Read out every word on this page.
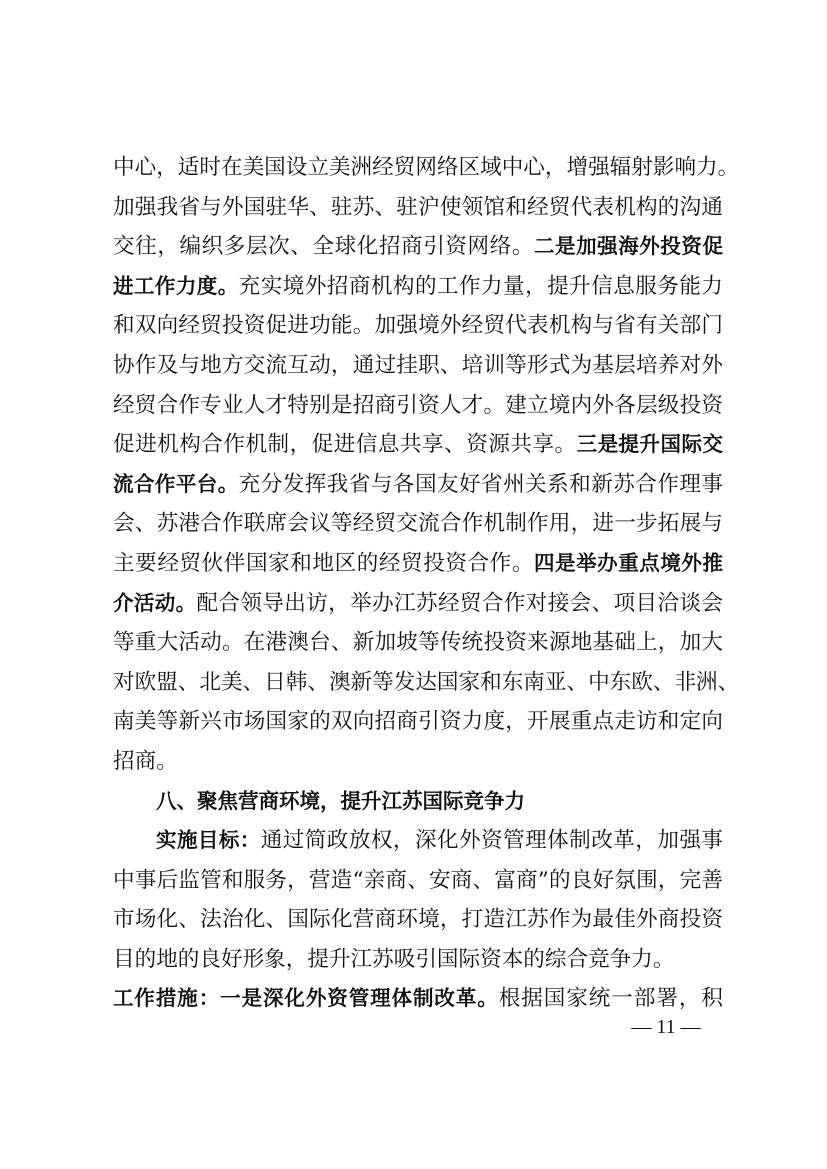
中心，适时在美国设立美洲经贸网络区域中心，增强辐射影响力。
加强我省与外国驻华、驻苏、驻沪使领馆和经贸代表机构的沟通
交往，编织多层次、全球化招商引资网络。二是加强海外投资促
进工作力度。充实境外招商机构的工作力量，提升信息服务能力
和双向经贸投资促进功能。加强境外经贸代表机构与省有关部门
协作及与地方交流互动，通过挂职、培训等形式为基层培养对外
经贸合作专业人才特别是招商引资人才。建立境内外各层级投资
促进机构合作机制，促进信息共享、资源共享。三是提升国际交
流合作平台。充分发挥我省与各国友好省州关系和新苏合作理事
会、苏港合作联席会议等经贸交流合作机制作用，进一步拓展与
主要经贸伙伴国家和地区的经贸投资合作。四是举办重点境外推
介活动。配合领导出访，举办江苏经贸合作对接会、项目洽谈会
等重大活动。在港澳台、新加坡等传统投资来源地基础上，加大
对欧盟、北美、日韩、澳新等发达国家和东南亚、中东欧、非洲、
南美等新兴市场国家的双向招商引资力度，开展重点走访和定向
招商。
八、聚焦营商环境，提升江苏国际竞争力
实施目标：通过简政放权，深化外资管理体制改革，加强事
中事后监管和服务，营造“亲商、安商、富商”的良好氛围，完善
市场化、法治化、国际化营商环境，打造江苏作为最佳外商投资
目的地的良好形象，提升江苏吸引国际资本的综合竞争力。
工作措施：一是深化外资管理体制改革。根据国家统一部署，积
— 11 —
